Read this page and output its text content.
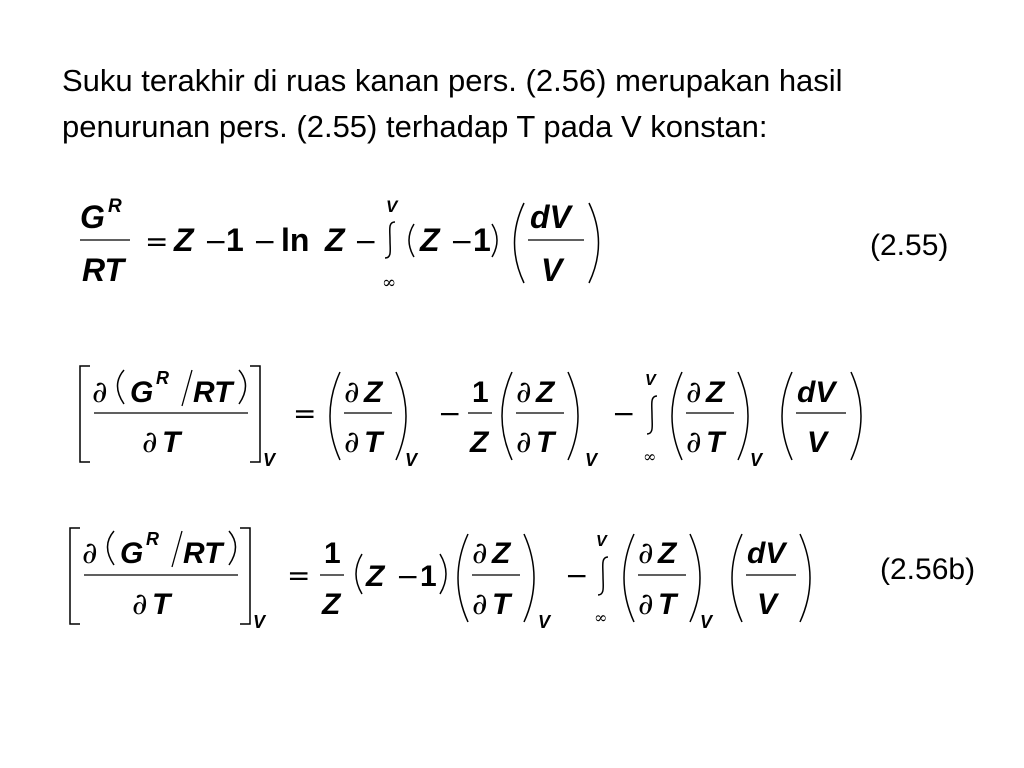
Suku terakhir di ruas kanan pers. (2.56) merupakan hasil penurunan pers. (2.55) terhadap T pada V konstan:

(2.55)
(2.56b)
G R
RT
= Z −
1 − ln Z −
V
∞
Z − 1
dV
V
∂ G R RT
∂ T
V
=
∂ Z
∂ T
V
−
1
Z
∂ Z
∂ T
V
−
V
∞
∂ Z
∂ T
V
dV
V
∂ G R RT
∂ T
V
=
1
Z
Z − 1
∂ Z
∂ T
V
−
V
∞
∂ Z
∂ T
V
dV
V
